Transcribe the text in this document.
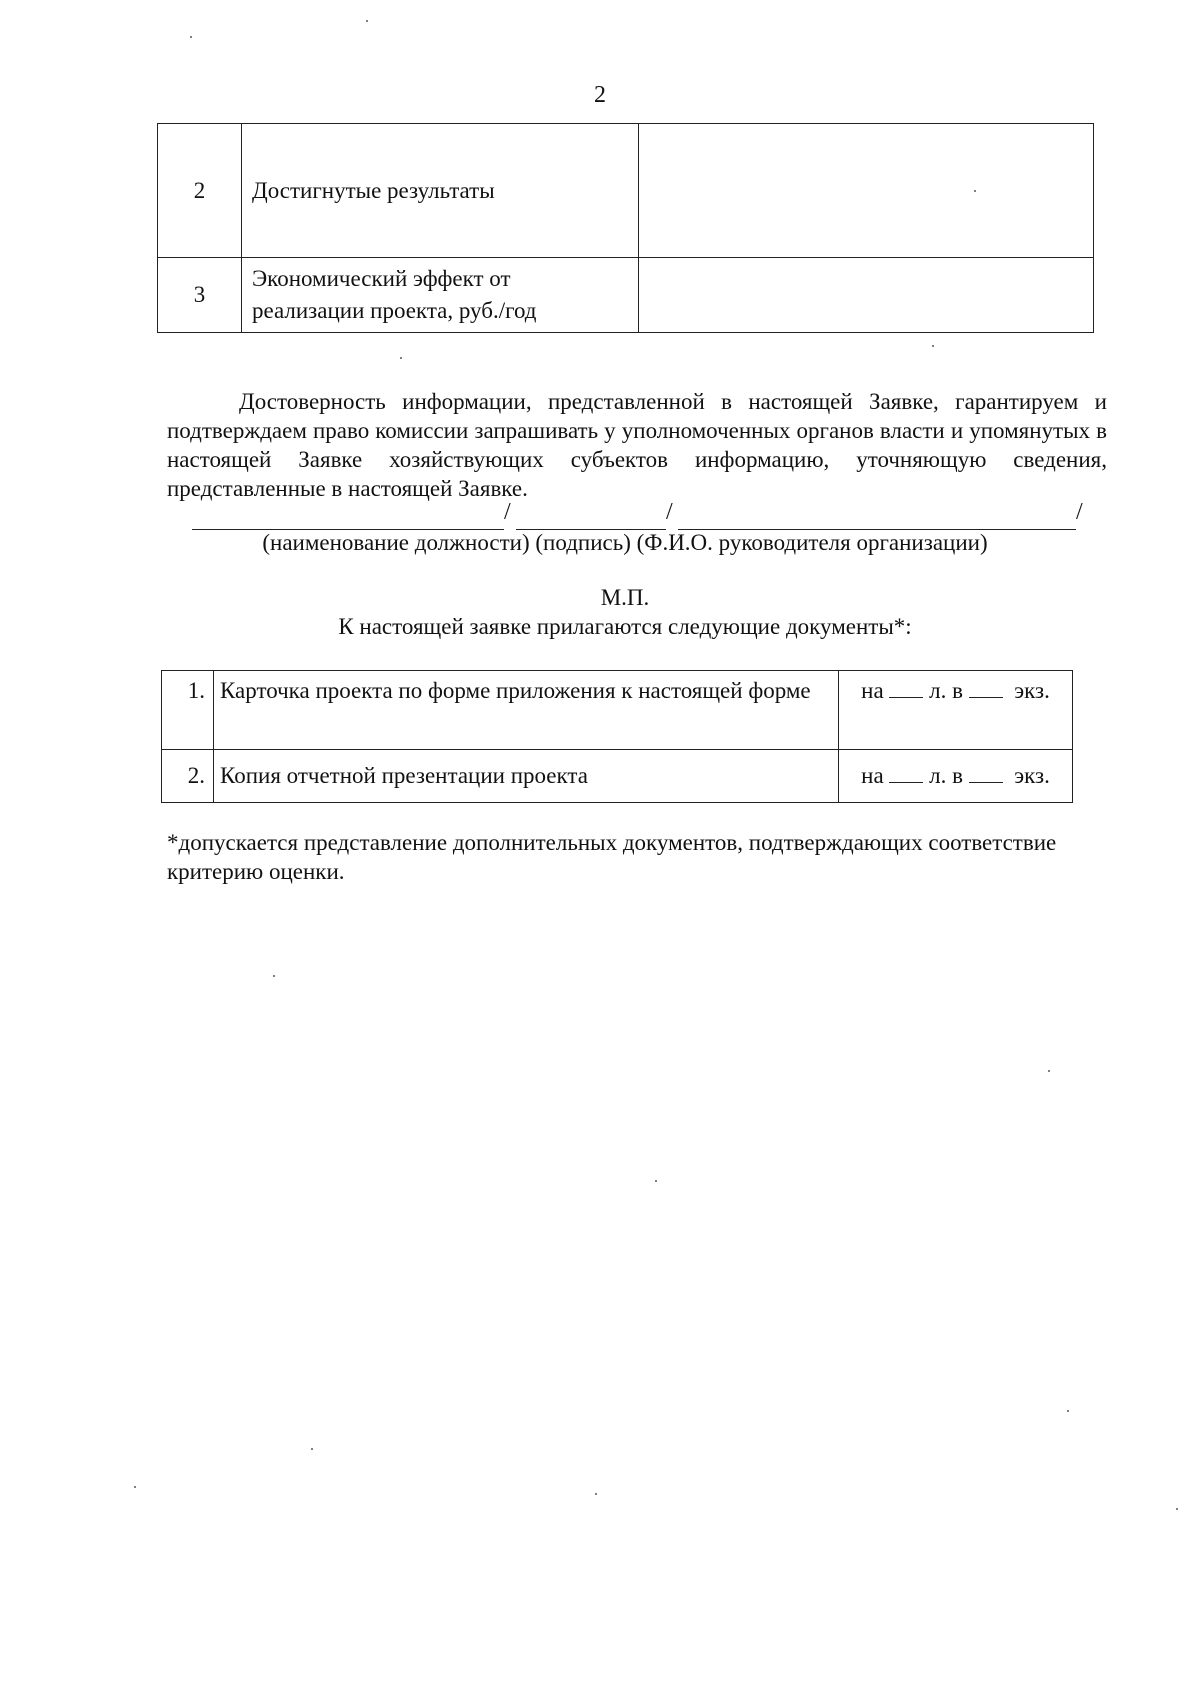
2
2	Достигнутые результаты	
3	Экономический эффект от реализации проекта, руб./год	
Достоверность информации, представленной в настоящей Заявке, гарантируем и подтверждаем право комиссии запрашивать у уполномоченных органов власти и упомянутых в настоящей Заявке хозяйствующих субъектов информацию, уточняющую сведения, представленные в настоящей Заявке.
/	/	/
(наименование должности) (подпись) (Ф.И.О. руководителя организации)
М.П.
К настоящей заявке прилагаются следующие документы*:
1.	Карточка проекта по форме приложения к настоящей форме	на л. в экз.
2.	Копия отчетной презентации проекта	на л. в экз.
*допускается представление дополнительных документов, подтверждающих соответствие критерию оценки.
